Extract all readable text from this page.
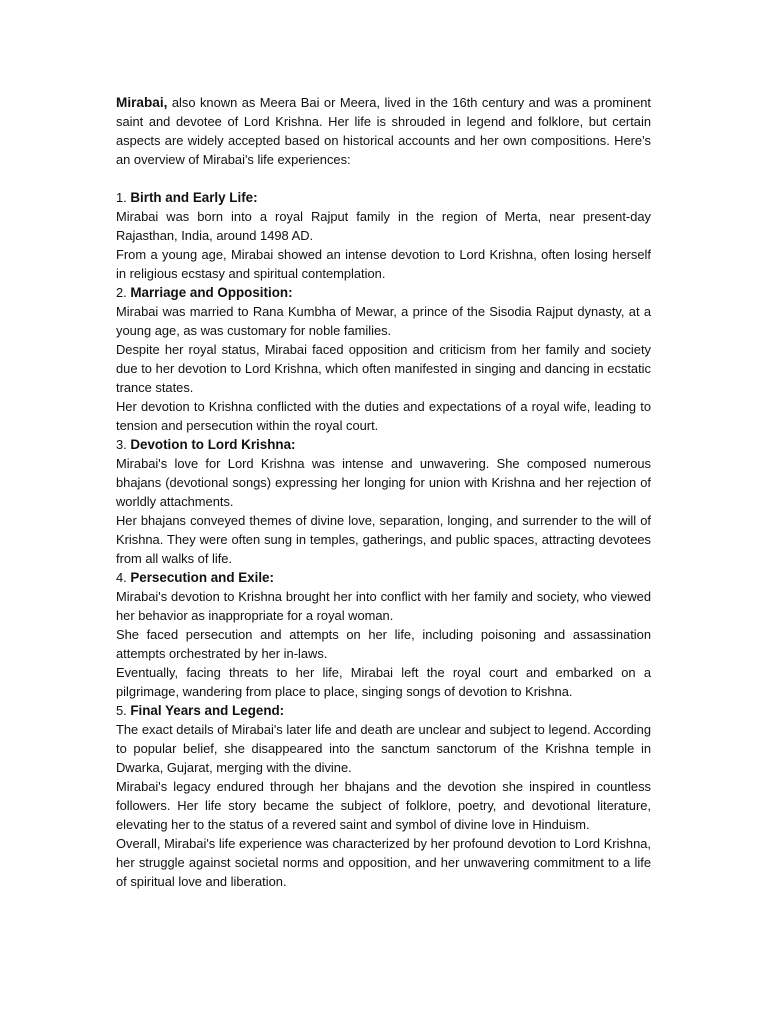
Mirabai, also known as Meera Bai or Meera, lived in the 16th century and was a prominent saint and devotee of Lord Krishna. Her life is shrouded in legend and folklore, but certain aspects are widely accepted based on historical accounts and her own compositions. Here's an overview of Mirabai's life experiences:

1. Birth and Early Life:

Mirabai was born into a royal Rajput family in the region of Merta, near present-day Rajasthan, India, around 1498 AD.

From a young age, Mirabai showed an intense devotion to Lord Krishna, often losing herself in religious ecstasy and spiritual contemplation.

2. Marriage and Opposition:

Mirabai was married to Rana Kumbha of Mewar, a prince of the Sisodia Rajput dynasty, at a young age, as was customary for noble families.

Despite her royal status, Mirabai faced opposition and criticism from her family and society due to her devotion to Lord Krishna, which often manifested in singing and dancing in ecstatic trance states.

Her devotion to Krishna conflicted with the duties and expectations of a royal wife, leading to tension and persecution within the royal court.

3. Devotion to Lord Krishna:

Mirabai's love for Lord Krishna was intense and unwavering. She composed numerous bhajans (devotional songs) expressing her longing for union with Krishna and her rejection of worldly attachments.

Her bhajans conveyed themes of divine love, separation, longing, and surrender to the will of Krishna. They were often sung in temples, gatherings, and public spaces, attracting devotees from all walks of life.

4. Persecution and Exile:

Mirabai's devotion to Krishna brought her into conflict with her family and society, who viewed her behavior as inappropriate for a royal woman.

She faced persecution and attempts on her life, including poisoning and assassination attempts orchestrated by her in-laws.

Eventually, facing threats to her life, Mirabai left the royal court and embarked on a pilgrimage, wandering from place to place, singing songs of devotion to Krishna.

5. Final Years and Legend:

The exact details of Mirabai's later life and death are unclear and subject to legend. According to popular belief, she disappeared into the sanctum sanctorum of the Krishna temple in Dwarka, Gujarat, merging with the divine.

Mirabai's legacy endured through her bhajans and the devotion she inspired in countless followers. Her life story became the subject of folklore, poetry, and devotional literature, elevating her to the status of a revered saint and symbol of divine love in Hinduism.

Overall, Mirabai's life experience was characterized by her profound devotion to Lord Krishna, her struggle against societal norms and opposition, and her unwavering commitment to a life of spiritual love and liberation.
